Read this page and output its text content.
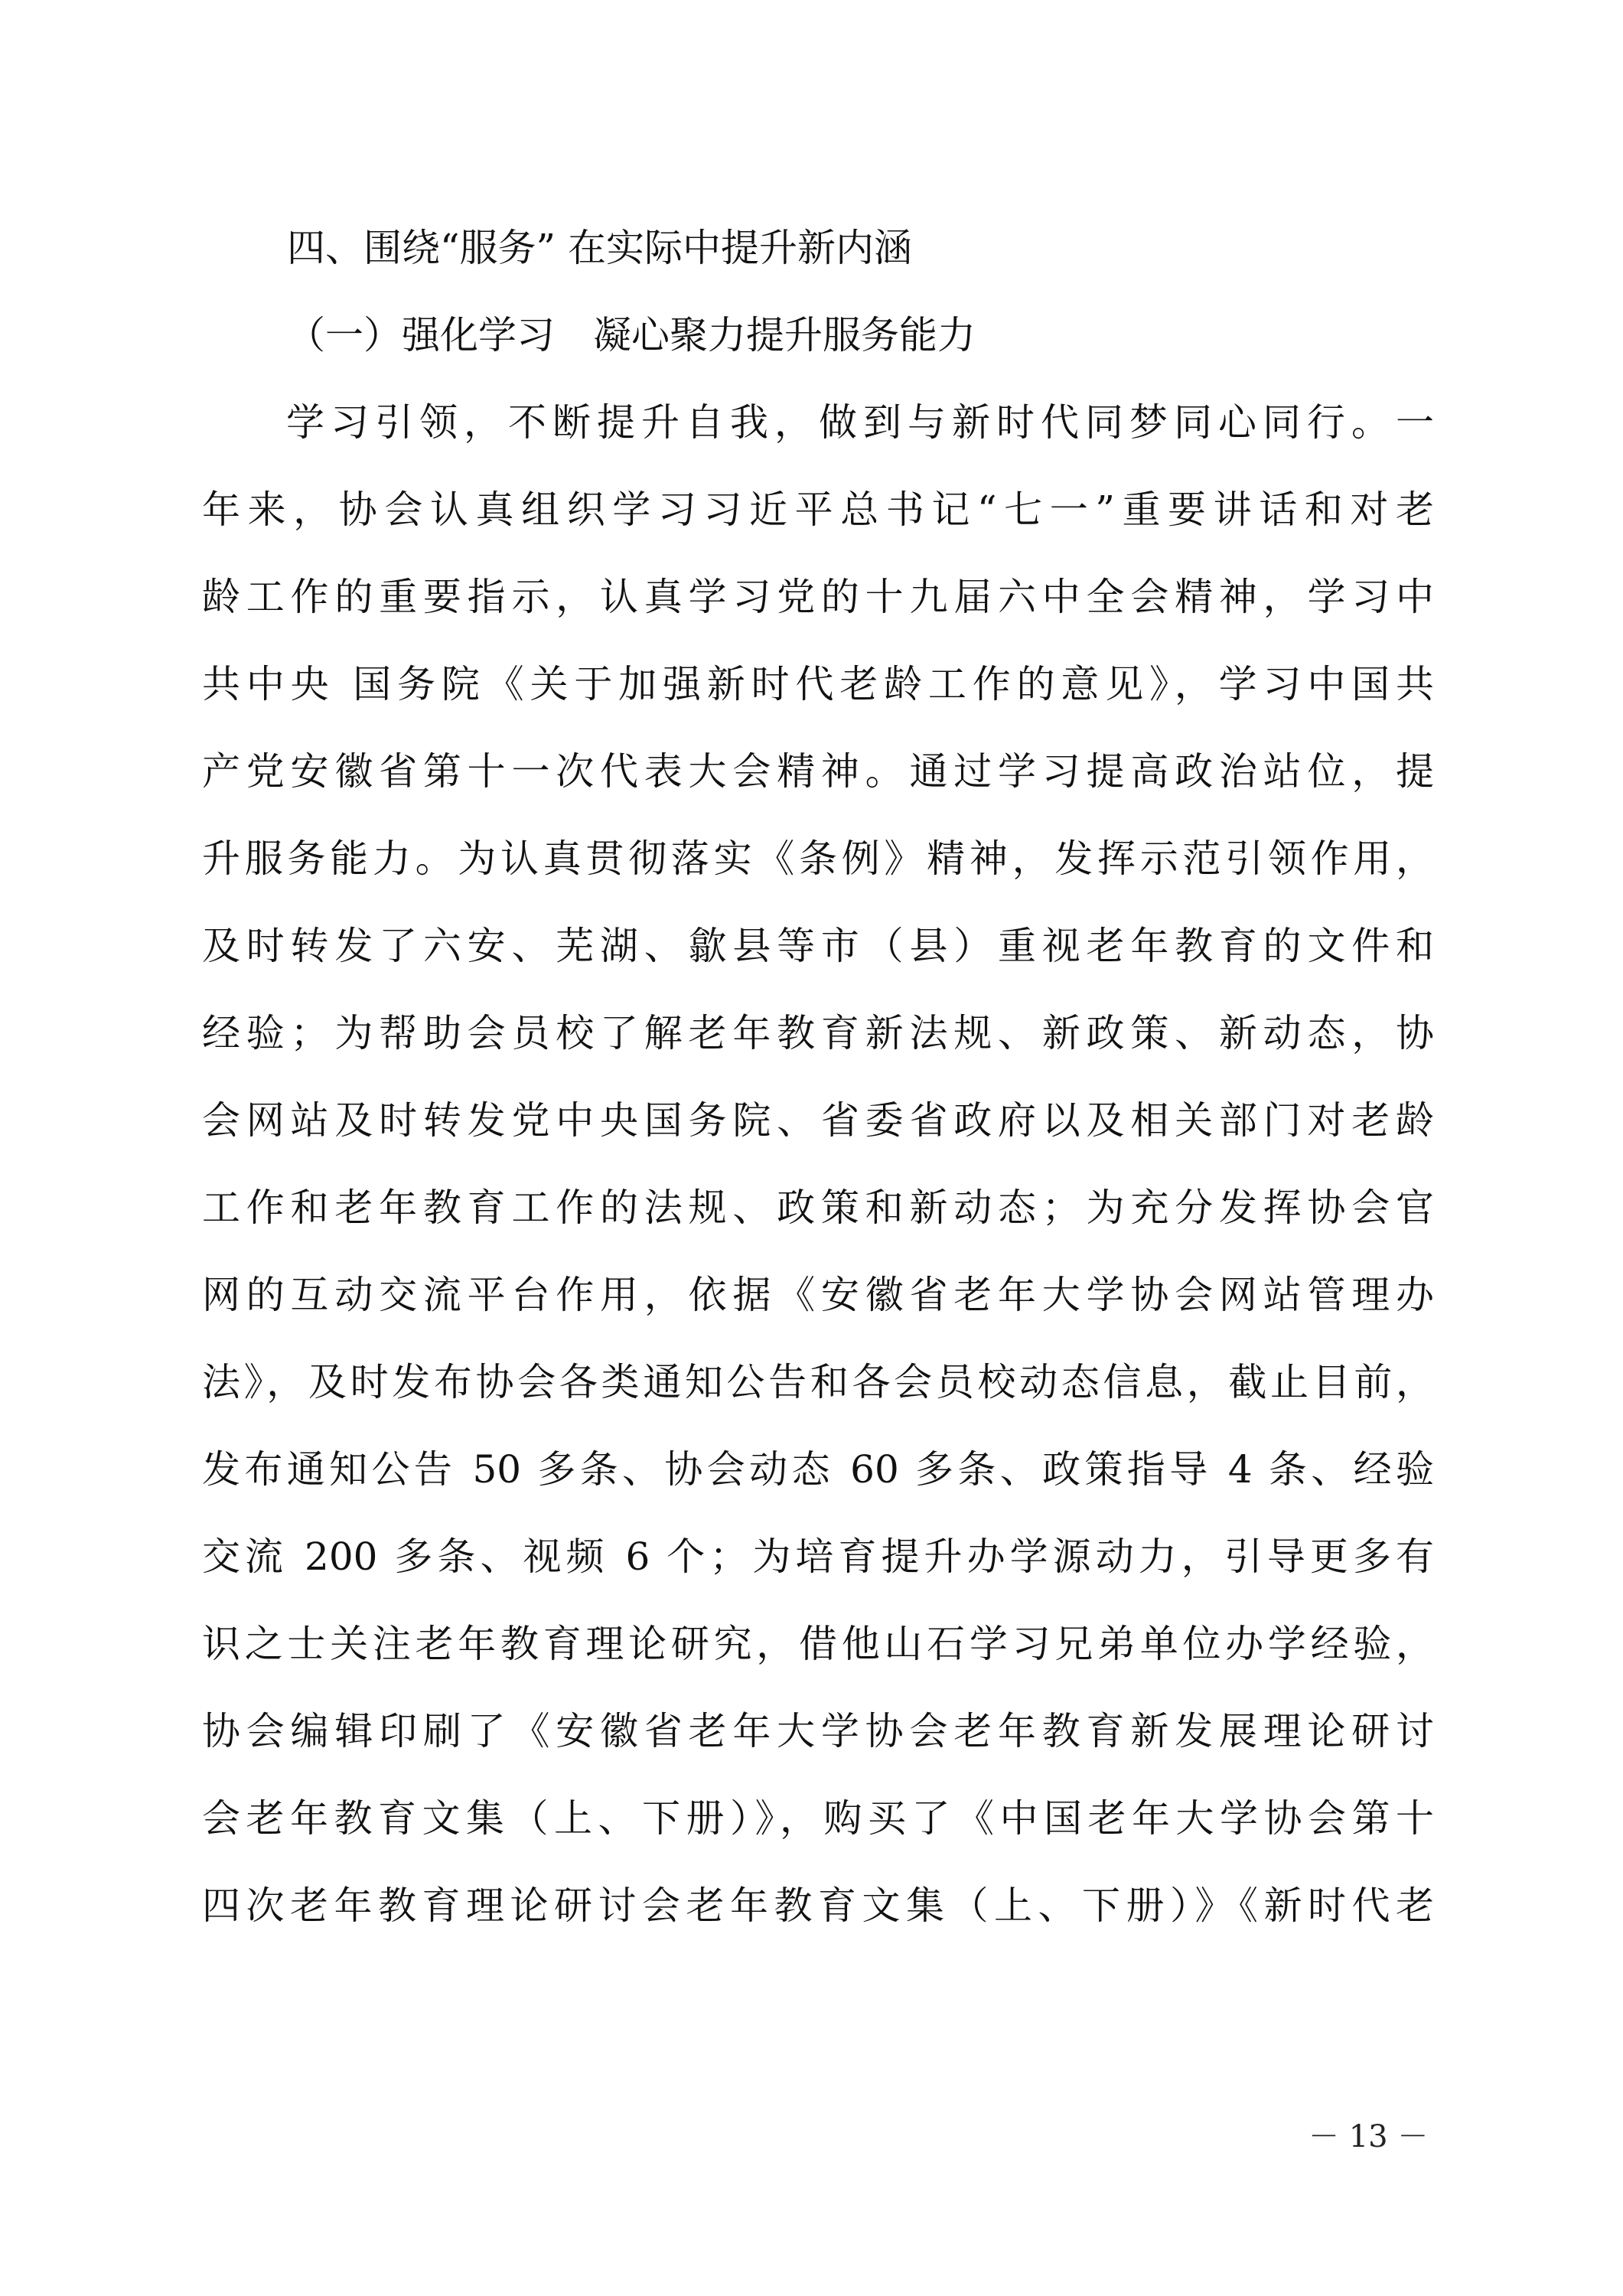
四、围绕“服务” 在实际中提升新内涵
（一）强化学习　凝心聚力提升服务能力
学习引领，不断提升自我，做到与新时代同梦同心同行。一
年来，协会认真组织学习习近平总书记“七一”重要讲话和对老
龄工作的重要指示，认真学习党的十九届六中全会精神，学习中
共中央 国务院《关于加强新时代老龄工作的意见》，学习中国共
产党安徽省第十一次代表大会精神。通过学习提高政治站位，提
升服务能力。为认真贯彻落实《条例》精神，发挥示范引领作用，
及时转发了六安、芜湖、歙县等市（县）重视老年教育的文件和
经验；为帮助会员校了解老年教育新法规、新政策、新动态，协
会网站及时转发党中央国务院、省委省政府以及相关部门对老龄
工作和老年教育工作的法规、政策和新动态；为充分发挥协会官
网的互动交流平台作用，依据《安徽省老年大学协会网站管理办
法》，及时发布协会各类通知公告和各会员校动态信息，截止目前，
发布通知公告 50 多条、协会动态 60 多条、政策指导 4 条、经验
交流 200 多条、视频 6 个；为培育提升办学源动力，引导更多有
识之士关注老年教育理论研究，借他山石学习兄弟单位办学经验，
协会编辑印刷了《安徽省老年大学协会老年教育新发展理论研讨
会老年教育文集（上、下册）》，购买了《中国老年大学协会第十
四次老年教育理论研讨会老年教育文集（上、下册）》《新时代老
－ 13 －
